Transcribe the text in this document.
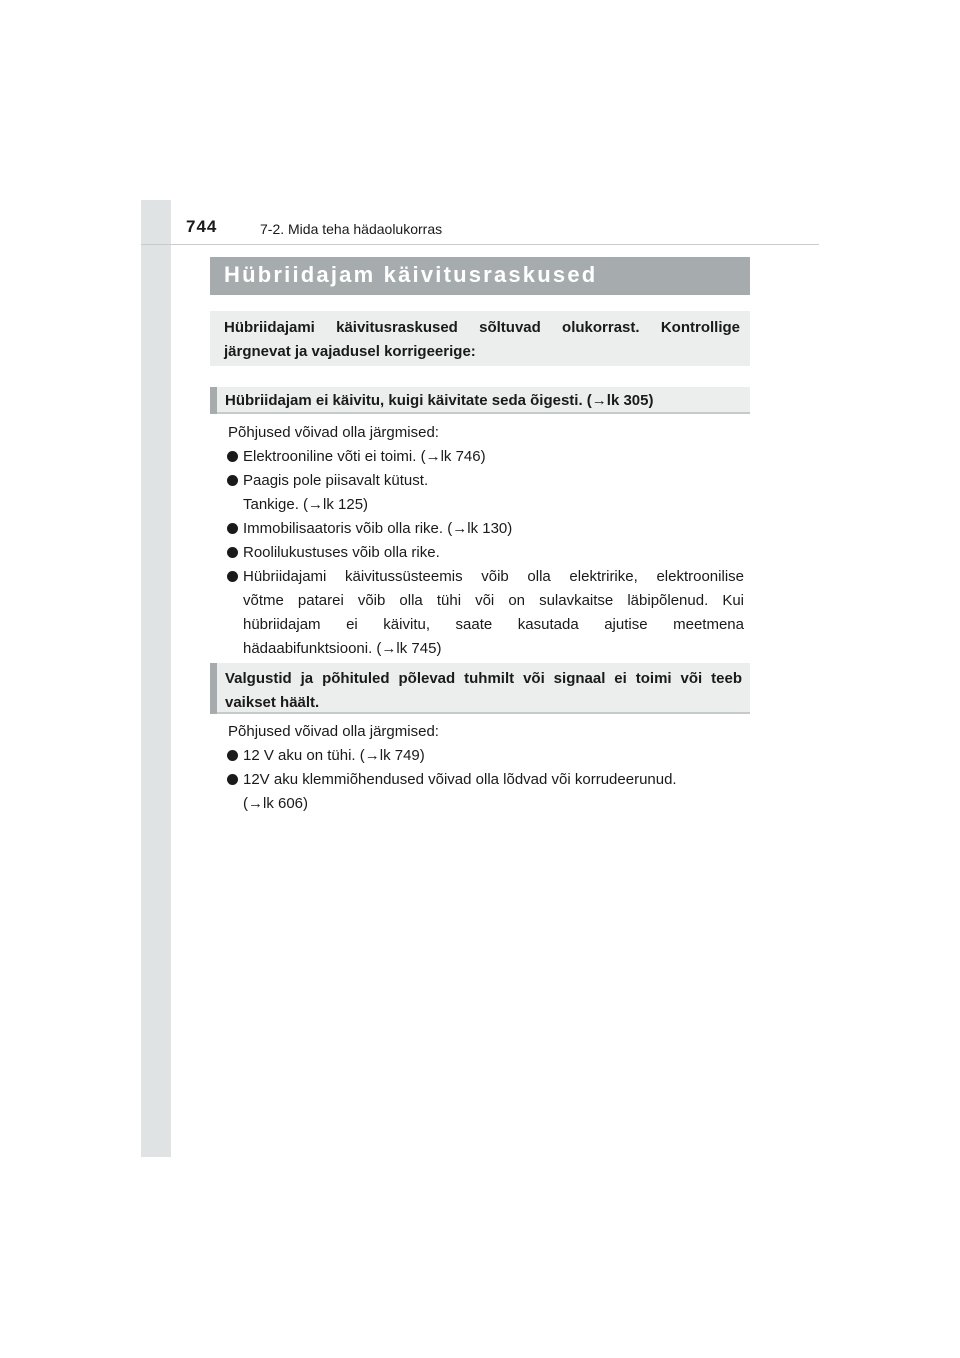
744	7-2. Mida teha hädaolukorras
Hübriidajam käivitusraskused
Hübriidajami käivitusraskused sõltuvad olukorrast. Kontrollige järgnevat ja vajadusel korrigeerige:
Hübriidajam ei käivitu, kuigi käivitate seda õigesti. (→lk 305)

Põhjused võivad olla järgmised:

Elektrooniline võti ei toimi. (→lk 746)

Paagis pole piisavalt kütust.

Tankige. (→lk 125)

Immobilisaatoris võib olla rike. (→lk 130)

Roolilukustuses võib olla rike.

Hübriidajami käivitussüsteemis võib olla elektririke, elektroonilise
võtme patarei võib olla tühi või on sulavkaitse läbipõlenud. Kui
hübriidajam ei käivitu, saate kasutada ajutise meetmena
hädaabifunktsiooni. (→lk 745)
Valgustid ja põhituled põlevad tuhmilt või signaal ei toimi või teeb vaikset häält.

Põhjused võivad olla järgmised:

12 V aku on tühi. (→lk 749)

12V aku klemmiõhendused võivad olla lõdvad või korrudeerunud.

(→lk 606)
